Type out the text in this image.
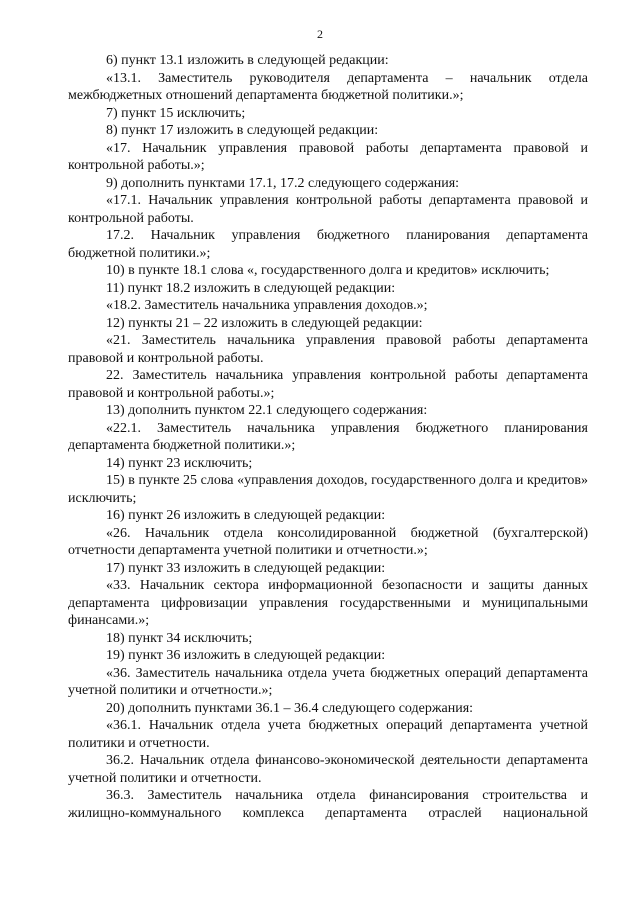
2

6) пункт 13.1 изложить в следующей редакции:

«13.1. Заместитель руководителя департамента – начальник отдела межбюджетных отношений департамента бюджетной политики.»;

7) пункт 15 исключить;

8) пункт 17 изложить в следующей редакции:

«17. Начальник управления правовой работы департамента правовой и контрольной работы.»;

9) дополнить пунктами 17.1, 17.2 следующего содержания:

«17.1. Начальник управления контрольной работы департамента правовой и контрольной работы.

17.2. Начальник управления бюджетного планирования департамента бюджетной политики.»;

10) в пункте 18.1 слова «, государственного долга и кредитов» исключить;

11) пункт 18.2 изложить в следующей редакции:

«18.2. Заместитель начальника управления доходов.»;

12) пункты 21 – 22 изложить в следующей редакции:

«21. Заместитель начальника управления правовой работы департамента правовой и контрольной работы.

22. Заместитель начальника управления контрольной работы департамента правовой и контрольной работы.»;

13) дополнить пунктом 22.1 следующего содержания:

«22.1. Заместитель начальника управления бюджетного планирования департамента бюджетной политики.»;

14) пункт 23 исключить;

15) в пункте 25 слова «управления доходов, государственного долга и кредитов» исключить;

16) пункт 26 изложить в следующей редакции:

«26. Начальник отдела консолидированной бюджетной (бухгалтерской) отчетности департамента учетной политики и отчетности.»;

17) пункт 33 изложить в следующей редакции:

«33. Начальник сектора информационной безопасности и защиты данных департамента цифровизации управления государственными и муниципальными финансами.»;

18) пункт 34 исключить;

19) пункт 36 изложить в следующей редакции:

«36. Заместитель начальника отдела учета бюджетных операций департамента учетной политики и отчетности.»;

20) дополнить пунктами 36.1 – 36.4 следующего содержания:

«36.1. Начальник отдела учета бюджетных операций департамента учетной политики и отчетности.

36.2. Начальник отдела финансово-экономической деятельности департамента учетной политики и отчетности.

36.3. Заместитель начальника отдела финансирования строительства и жилищно-коммунального комплекса департамента отраслей национальной
